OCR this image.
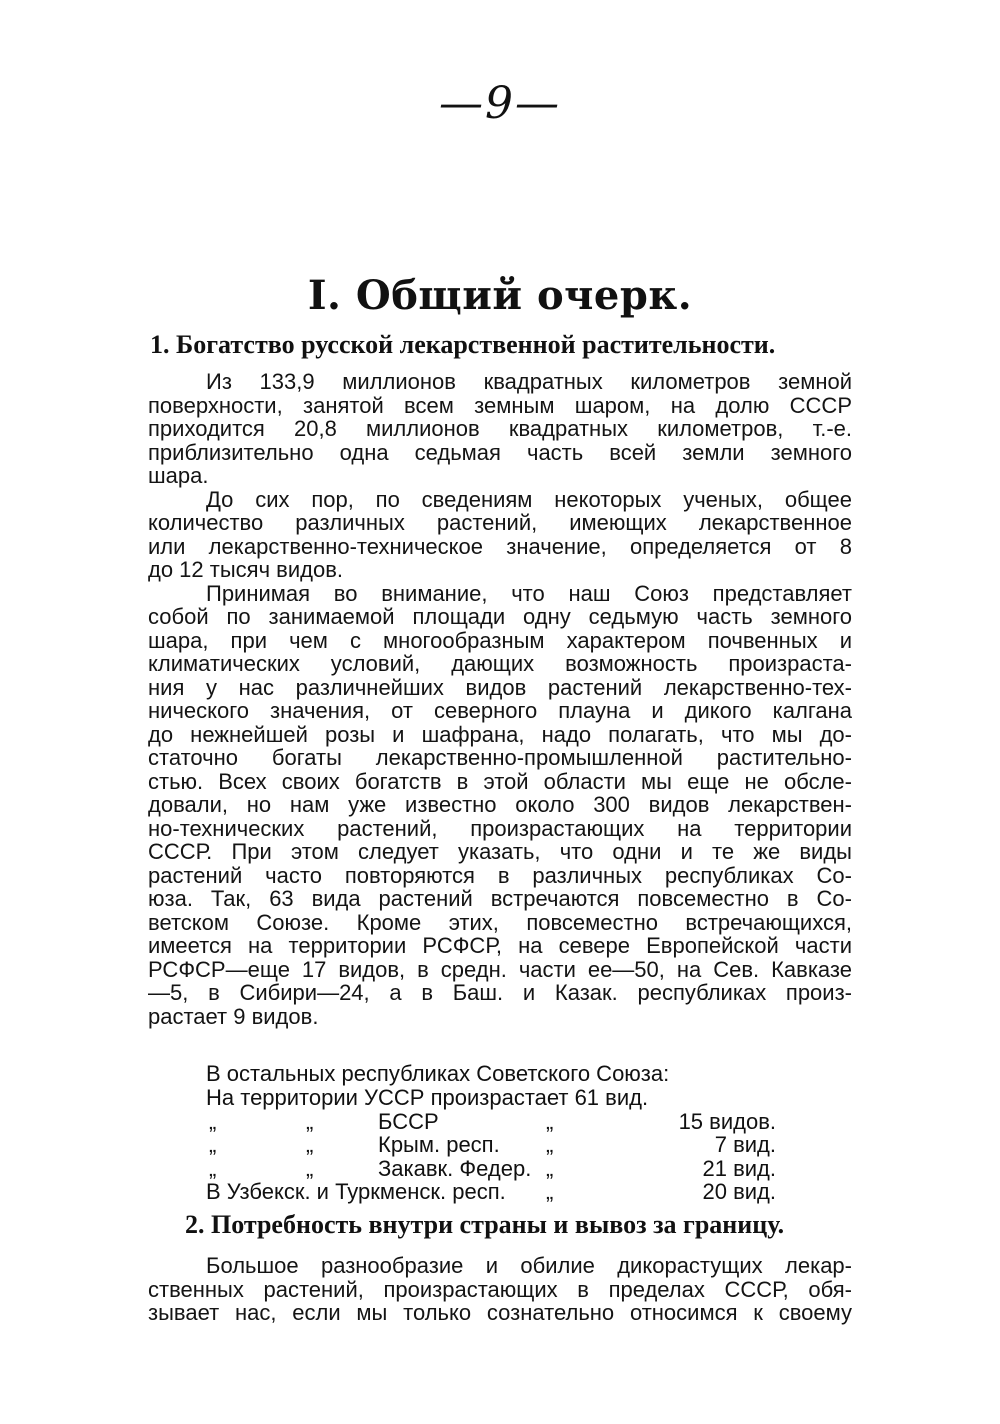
—9—
I. Общий очерк.
1. Богатство русской лекарственной растительности.
Из 133,9 миллионов квадратных километров земной
поверхности, занятой всем земным шаром, на долю СССР
приходится 20,8 миллионов квадратных километров, т.-е.
приблизительно одна седьмая часть всей земли земного
шара.
До сих пор, по сведениям некоторых ученых, общее
количество различных растений, имеющих лекарственное
или лекарственно-техническое значение, определяется от 8
до 12 тысяч видов.
Принимая во внимание, что наш Союз представляет
собой по занимаемой площади одну седьмую часть земного
шара, при чем с многообразным характером почвенных и
климатических условий, дающих возможность произраста-
ния у нас различнейших видов растений лекарственно-тех-
нического значения, от северного плауна и дикого калгана
до нежнейшей розы и шафрана, надо полагать, что мы до-
статочно богаты лекарственно-промышленной растительно-
стью. Всех своих богатств в этой области мы еще не обсле-
довали, но нам уже известно около 300 видов лекарствен-
но-технических растений, произрастающих на территории
СССР. При этом следует указать, что одни и те же виды
растений часто повторяются в различных республиках Со-
юза. Так, 63 вида растений встречаются повсеместно в Со-
ветском Союзе. Кроме этих, повсеместно встречающихся,
имеется на территории РСФСР, на севере Европейской части
РСФСР—еще 17 видов, в средн. части ее—50, на Сев. Кавказе
—5, в Сибири—24, а в Баш. и Казак. республиках произ-
растает 9 видов.
В остальных республиках Советского Союза:
На территории УССР произрастает 61 вид.
„	„	БССР	„	15 видов.
„	„	Крым. респ. „	7 вид.
„	„	Закавк. Федер. „	21 вид.
В Узбекск. и Туркменск. респ. „	20 вид.
2. Потребность внутри страны и вывоз за границу.
Большое разнообразие и обилие дикорастущих лекар-
ственных растений, произрастающих в пределах СССР, обя-
зывает нас, если мы только сознательно относимся к своему
